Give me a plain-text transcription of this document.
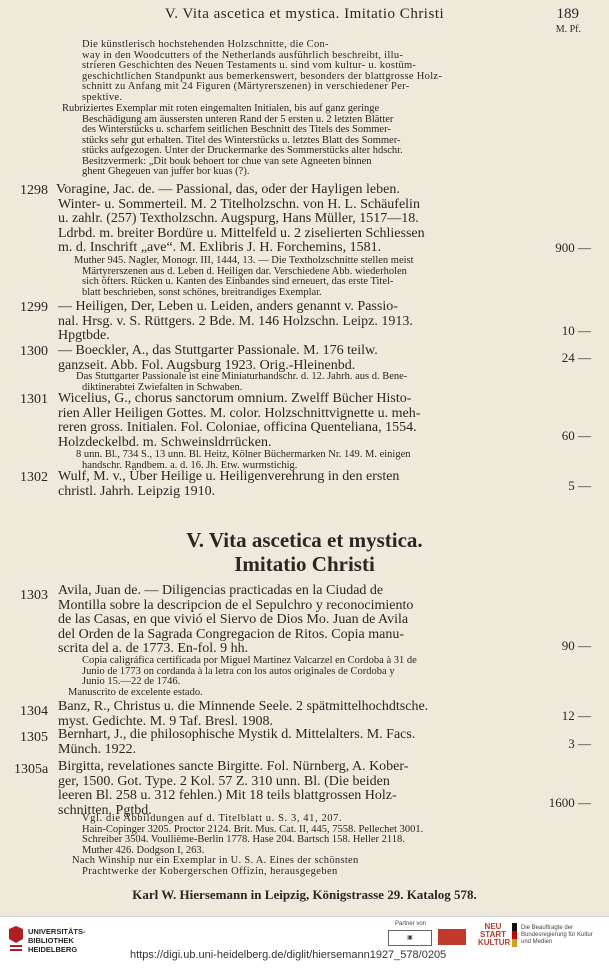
V. Vita ascetica et mystica. Imitatio Christi	189
M. Pf.
Die künstlerisch hochstehenden Holzschnitte, die Con-
way in den Woodcutters of the Netherlands ausführlich beschreibt, illu-
strieren Geschichten des Neuen Testaments u. sind vom kultur- u. kostüm-
geschichtlichen Standpunkt aus bemerkenswert, besonders der blattgrosse Holz-
schnitt zu Anfang mit 24 Figuren (Märtyrerszenen) in verschiedener Per-
spektive.
Rubriziertes Exemplar mit roten eingemalten Initialen, bis auf ganz geringe
Beschädigung am äussersten unteren Rand der 5 ersten u. 2 letzten Blätter
des Winterstücks u. scharfem seitlichen Beschnitt des Titels des Sommer-
stücks sehr gut erhalten. Titel des Winterstücks u. letztes Blatt des Sommer-
stücks aufgezogen. Unter der Druckermarke des Sommerstücks alter hdschr.
Besitzvermerk: „Dit bouk behoert tor chue van sete Agneeten binnen
ghent Ghegeuen van juffer bor kuas (?).
1298 Voragine, Jac. de. — Passional, das, oder der Hayligen leben.
Winter- u. Sommerteil. M. 2 Titelholzschn. von H. L. Schäufelin
u. zahlr. (257) Textholzschn. Augspurg, Hans Müller, 1517—18.
Ldrbd. m. breiter Bordüre u. Mittelfeld u. 2 ziselierten Schliessen
m. d. Inschrift „ave“. M. Exlibris J. H. Forchemins, 1581.	900 —
Muther 945. Nagler, Monogr. III, 1444, 13. — Die Textholzschnitte stellen meist
Märtyrerszenen aus d. Leben d. Heiligen dar. Verschiedene Abb. wiederholen
sich öfters. Rücken u. Kanten des Einbandes sind erneuert, das erste Titel-
blatt beschrieben, sonst schönes, breitrandiges Exemplar.
1299 — Heiligen, Der, Leben u. Leiden, anders genannt v. Passio-
nal. Hrsg. v. S. Rüttgers. 2 Bde. M. 146 Holzschn. Leipz. 1913.
Hpgtbde.	10 —
1300 — Boeckler, A., das Stuttgarter Passionale. M. 176 teilw.
ganzseit. Abb. Fol. Augsburg 1923. Orig.-Hleinenbd.	24 —
Das Stuttgarter Passionale ist eine Miniaturhandschr. d. 12. Jahrh. aus d. Bene-
diktinerabtei Zwiefalten in Schwaben.
1301 Wicelius, G., chorus sanctorum omnium. Zwelff Bücher Histo-
rien Aller Heiligen Gottes. M. color. Holzschnittvignette u. meh-
reren gross. Initialen. Fol. Coloniae, officina Quenteliana, 1554.
Holzdeckelbd. m. Schweinsldrrücken.	60 —
8 unn. Bl., 734 S., 13 unn. Bl. Heitz, Kölner Büchermarken Nr. 149. M. einigen
handschr. Randbem. a. d. 16. Jh. Etw. wurmstichig.
1302 Wulf, M. v., Über Heilige u. Heiligenverehrung in den ersten
christl. Jahrh. Leipzig 1910.	5 —
V. Vita ascetica et mystica.
Imitatio Christi
1303 Avila, Juan de. — Diligencias practicadas en la Ciudad de
Montilla sobre la descripcion de el Sepulchro y reconocimiento
de las Casas, en que vivió el Siervo de Dios Mo. Juan de Avila
del Orden de la Sagrada Congregacion de Ritos. Copia manu-
scrita del a. de 1773. En-fol. 9 hh.	90 —
Copia caligráfica certificada por Miguel Martinez Valcarzel en Cordoba à 31 de
Junio de 1773 on cordanda à la letra con los autos originales de Cordoba y
Junio 15.—22 de 1746.
Manuscrito de excelente estado.
1304 Banz, R., Christus u. die Minnende Seele. 2 spätmittelhochdtsche.
myst. Gedichte. M. 9 Taf. Bresl. 1908.	12 —
1305 Bernhart, J., die philosophische Mystik d. Mittelalters. M. Facs.
Münch. 1922.	3 —
1305a Birgitta, revelationes sancte Birgitte. Fol. Nürnberg, A. Kober-
ger, 1500. Got. Type. 2 Kol. 57 Z. 310 unn. Bl. (Die beiden
leeren Bl. 258 u. 312 fehlen.) Mit 18 teils blattgrossen Holz-
schnitten. Pgtbd.	1600 —
Vgl. die Abbildungen auf d. Titelblatt u. S. 3, 41, 207.
Hain-Copinger 3205. Proctor 2124. Brit. Mus. Cat. II, 445, 7558. Pellechet 3001.
Schreiber 3504. Voullième-Berlin 1778. Hase 204. Bartsch 158. Heller 2118.
Muther 426. Dodgson I, 263.
Nach Winship nur ein Exemplar in U. S. A. Eines der schönsten
Prachtwerke der Kobergerschen Offizin, herausgegeben
Karl W. Hiersemann in Leipzig, Königstrasse 29. Katalog 578.
UNIVERSITÄTS-
BIBLIOTHEK
HEIDELBERG
Partner von
▣
NEU
START
KULTUR
Die Beauftragte der Bundesregierung für Kultur und Medien
https://digi.ub.uni-heidelberg.de/diglit/hiersemann1927_578/0205
